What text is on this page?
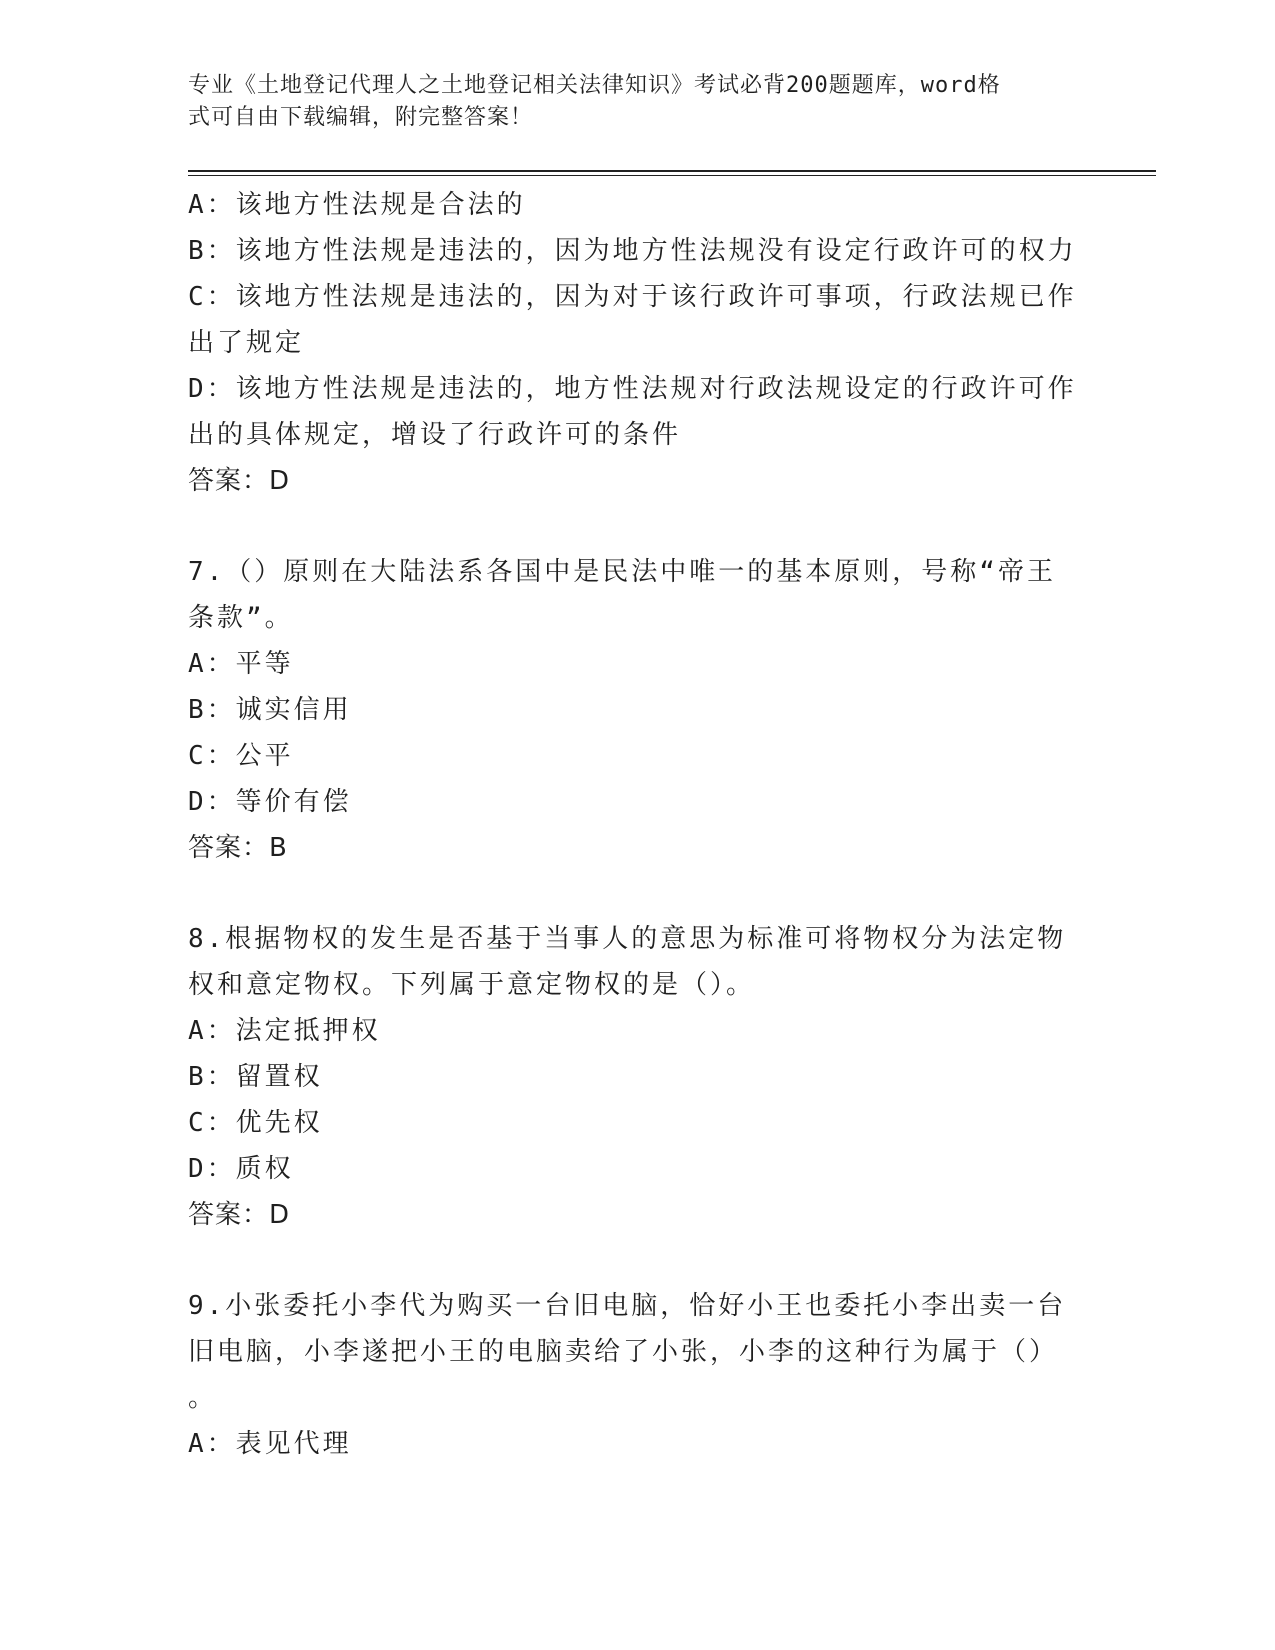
专业《土地登记代理人之土地登记相关法律知识》考试必背200题题库，word格
式可自由下载编辑，附完整答案！
A：该地方性法规是合法的
B：该地方性法规是违法的，因为地方性法规没有设定行政许可的权力
C：该地方性法规是违法的，因为对于该行政许可事项，行政法规已作
出了规定
D：该地方性法规是违法的，地方性法规对行政法规设定的行政许可作
出的具体规定，增设了行政许可的条件
答案：D
7.（）原则在大陆法系各国中是民法中唯一的基本原则，号称“帝王
条款”。
A：平等
B：诚实信用
C：公平
D：等价有偿
答案：B
8.根据物权的发生是否基于当事人的意思为标准可将物权分为法定物
权和意定物权。下列属于意定物权的是（）。
A：法定抵押权
B：留置权
C：优先权
D：质权
答案：D
9.小张委托小李代为购买一台旧电脑，恰好小王也委托小李出卖一台
旧电脑，小李遂把小王的电脑卖给了小张，小李的这种行为属于（）
。
A：表见代理
